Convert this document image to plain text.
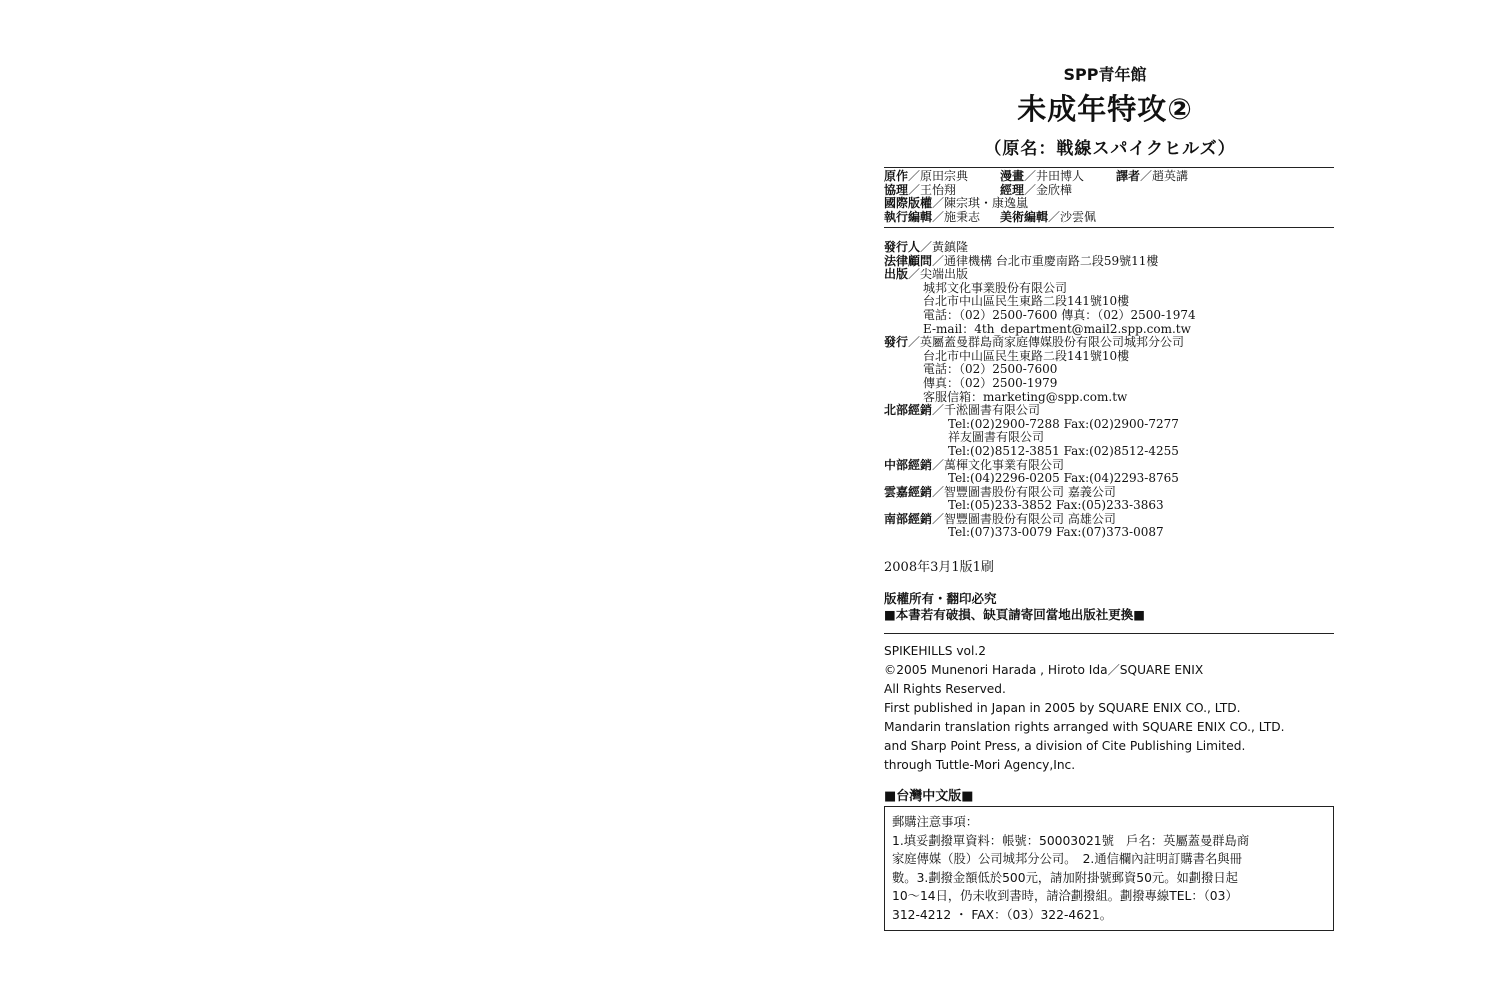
SPP青年館
未成年特攻②
（原名：戦線スパイクヒルズ）
原作／原田宗典	漫畫／井田博人	譯者／趙英講
協理／王怡翔	經理／金欣樺
國際版權／陳宗琪・康逸嵐
執行編輯／施秉志 美術編輯／沙雲佩
發行人／黃鎮隆
法律顧問／通律機構 台北市重慶南路二段59號11樓
出版／尖端出版
城邦文化事業股份有限公司
台北市中山區民生東路二段141號10樓
電話：（02）2500-7600 傳真：（02）2500-1974
E-mail：4th_department@mail2.spp.com.tw
發行／英屬蓋曼群島商家庭傳媒股份有限公司城邦分公司
台北市中山區民生東路二段141號10樓
電話：（02）2500-7600
傳真：（02）2500-1979
客服信箱：marketing@spp.com.tw
北部經銷／千淞圖書有限公司
Tel:(02)2900-7288 Fax:(02)2900-7277
祥友圖書有限公司
Tel:(02)8512-3851 Fax:(02)8512-4255
中部經銷／萬楎文化事業有限公司
Tel:(04)2296-0205 Fax:(04)2293-8765
雲嘉經銷／智豐圖書股份有限公司 嘉義公司
Tel:(05)233-3852 Fax:(05)233-3863
南部經銷／智豐圖書股份有限公司 高雄公司
Tel:(07)373-0079 Fax:(07)373-0087
2008年3月1版1刷
版權所有・翻印必究
■本書若有破損、缺頁請寄回當地出版社更換■
SPIKEHILLS vol.2
©2005 Munenori Harada , Hiroto Ida／SQUARE ENIX
All Rights Reserved.
First published in Japan in 2005 by SQUARE ENIX CO., LTD.
Mandarin translation rights arranged with SQUARE ENIX CO., LTD.
and Sharp Point Press, a division of Cite Publishing Limited.
through Tuttle-Mori Agency,Inc.
■台灣中文版■
郵購注意事項：
1.填妥劃撥單資料：帳號：50003021號　戶名：英屬蓋曼群島商
家庭傳媒（股）公司城邦分公司。　2.通信欄內註明訂購書名與冊
數。3.劃撥金額低於500元，請加附掛號郵資50元。如劃撥日起
10～14日，仍未收到書時，請洽劃撥組。劃撥專線TEL：（03）
312-4212 ・ FAX：（03）322-4621。
